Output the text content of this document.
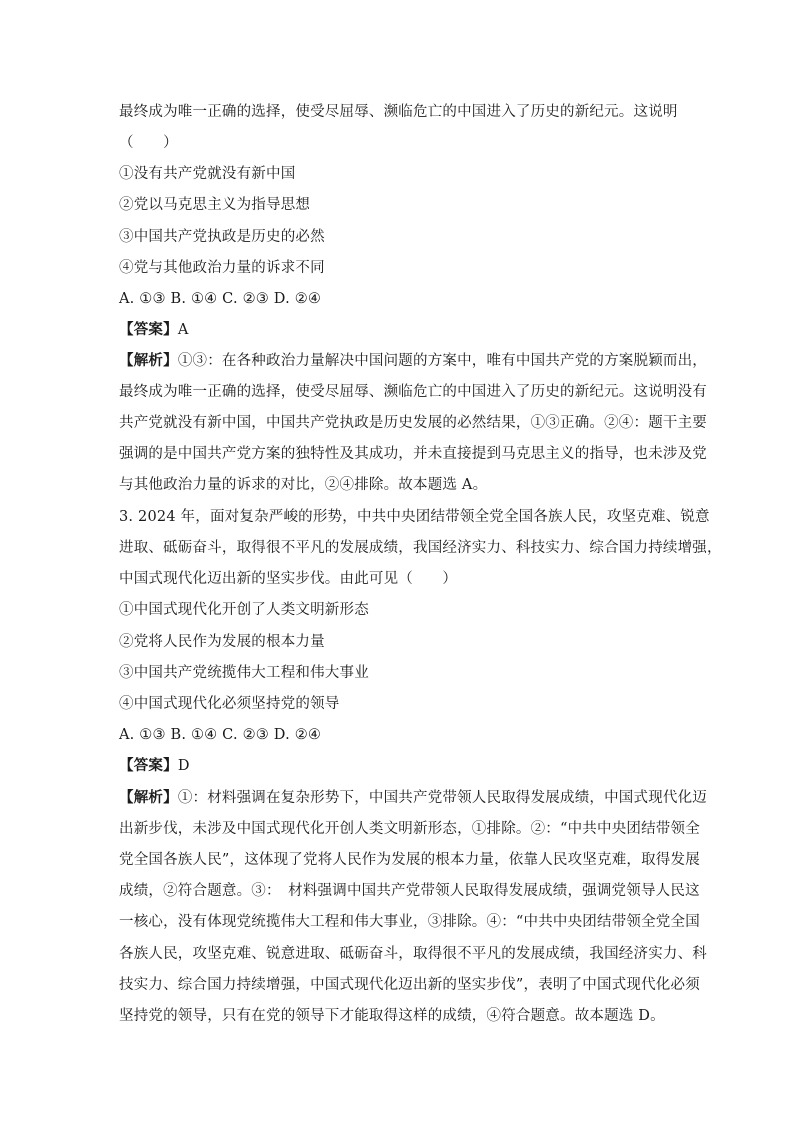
最终成为唯一正确的选择，使受尽屈辱、濒临危亡的中国进入了历史的新纪元。这说明
（　　）
①没有共产党就没有新中国
②党以马克思主义为指导思想
③中国共产党执政是历史的必然
④党与其他政治力量的诉求不同
A. ①③ B. ①④ C. ②③ D. ②④
【答案】A
【解析】①③：在各种政治力量解决中国问题的方案中，唯有中国共产党的方案脱颖而出，
最终成为唯一正确的选择，使受尽屈辱、濒临危亡的中国进入了历史的新纪元。这说明没有
共产党就没有新中国，中国共产党执政是历史发展的必然结果，①③正确。②④：题干主要
强调的是中国共产党方案的独特性及其成功，并未直接提到马克思主义的指导，也未涉及党
与其他政治力量的诉求的对比，②④排除。故本题选 A。
3. 2024 年，面对复杂严峻的形势，中共中央团结带领全党全国各族人民，攻坚克难、锐意
进取、砥砺奋斗，取得很不平凡的发展成绩，我国经济实力、科技实力、综合国力持续增强，
中国式现代化迈出新的坚实步伐。由此可见（　　）
①中国式现代化开创了人类文明新形态
②党将人民作为发展的根本力量
③中国共产党统揽伟大工程和伟大事业
④中国式现代化必须坚持党的领导
A. ①③ B. ①④ C. ②③ D. ②④
【答案】D
【解析】①：材料强调在复杂形势下，中国共产党带领人民取得发展成绩，中国式现代化迈
出新步伐，未涉及中国式现代化开创人类文明新形态，①排除。②：“中共中央团结带领全
党全国各族人民”，这体现了党将人民作为发展的根本力量，依靠人民攻坚克难，取得发展
成绩，②符合题意。③：　材料强调中国共产党带领人民取得发展成绩，强调党领导人民这
一核心，没有体现党统揽伟大工程和伟大事业，③排除。④：“中共中央团结带领全党全国
各族人民，攻坚克难、锐意进取、砥砺奋斗，取得很不平凡的发展成绩，我国经济实力、科
技实力、综合国力持续增强，中国式现代化迈出新的坚实步伐”，表明了中国式现代化必须
坚持党的领导，只有在党的领导下才能取得这样的成绩，④符合题意。故本题选 D。
